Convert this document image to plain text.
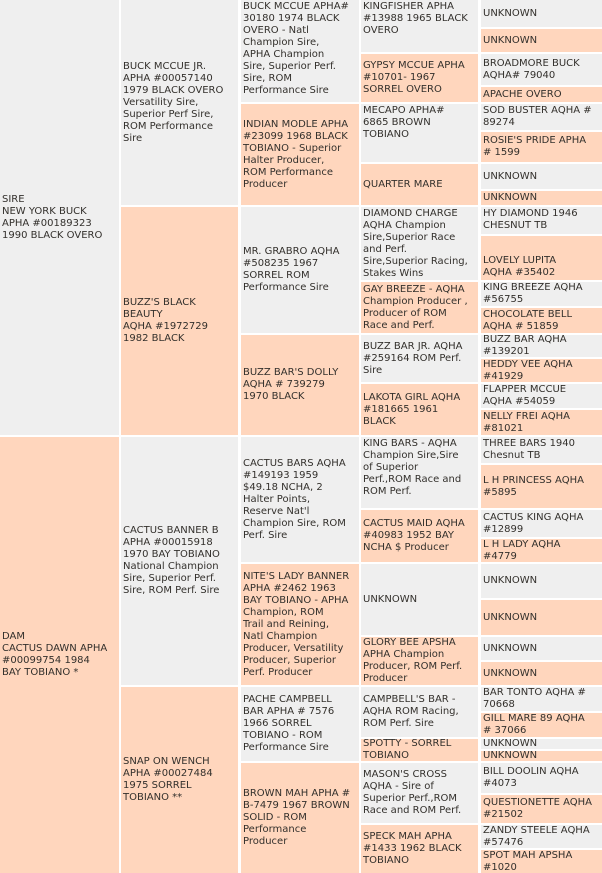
SIRE
NEW YORK BUCK
APHA #00189323
1990 BLACK OVERO
DAM
CACTUS DAWN APHA
#00099754 1984
BAY TOBIANO *
BUCK MCCUE JR.
APHA #00057140
1979 BLACK OVERO
Versatility Sire,
Superior Perf Sire,
ROM Performance
Sire
BUZZ'S BLACK
BEAUTY
AQHA #1972729
1982 BLACK
CACTUS BANNER B
APHA #00015918
1970 BAY TOBIANO
National Champion
Sire, Superior Perf.
Sire, ROM Perf. Sire
SNAP ON WENCH
APHA #00027484
1975 SORREL
TOBIANO **
BUCK MCCUE APHA#
30180 1974 BLACK
OVERO - Natl
Champion Sire,
APHA Champion
Sire, Superior Perf.
Sire, ROM
Performance Sire
INDIAN MODLE APHA
#23099 1968 BLACK
TOBIANO - Superior
Halter Producer,
ROM Performance
Producer
MR. GRABRO AQHA
#508235 1967
SORREL ROM
Performance Sire
BUZZ BAR'S DOLLY
AQHA # 739279
1970 BLACK
CACTUS BARS AQHA
#149193 1959
$49.18 NCHA, 2
Halter Points,
Reserve Nat'l
Champion Sire, ROM
Perf. Sire
NITE'S LADY BANNER
APHA #2462 1963
BAY TOBIANO - APHA
Champion, ROM
Trail and Reining,
Natl Champion
Producer, Versatility
Producer, Superior
Perf. Producer
PACHE CAMPBELL
BAR APHA # 7576
1966 SORREL
TOBIANO - ROM
Performance Sire
BROWN MAH APHA #
B-7479 1967 BROWN
SOLID - ROM
Performance
Producer
KINGFISHER APHA
#13988 1965 BLACK
OVERO
GYPSY MCCUE APHA
#10701- 1967
SORREL OVERO
MECAPO APHA#
6865 BROWN
TOBIANO
QUARTER MARE
DIAMOND CHARGE
AQHA Champion
Sire,Superior Race
and Perf.
Sire,Superior Racing,
Stakes Wins
GAY BREEZE - AQHA
Champion Producer ,
Producer of ROM
Race and Perf.
BUZZ BAR JR. AQHA
#259164 ROM Perf.
Sire
LAKOTA GIRL AQHA
#181665 1961
BLACK
KING BARS - AQHA
Champion Sire,Sire
of Superior
Perf.,ROM Race and
ROM Perf.
CACTUS MAID AQHA
#40983 1952 BAY
NCHA $ Producer
UNKNOWN
GLORY BEE APSHA
APHA Champion
Producer, ROM Perf.
Producer
CAMPBELL'S BAR -
AQHA ROM Racing,
ROM Perf. Sire
SPOTTY - SORREL
TOBIANO
MASON'S CROSS
AQHA - Sire of
Superior Perf.,ROM
Race and ROM Perf.
SPECK MAH APHA
#1433 1962 BLACK
TOBIANO
UNKNOWN
UNKNOWN
BROADMORE BUCK
AQHA# 79040
APACHE OVERO
SOD BUSTER AQHA #
89274
ROSIE'S PRIDE APHA
# 1599
UNKNOWN
UNKNOWN
HY DIAMOND 1946
CHESNUT TB
LOVELY LUPITA
AQHA #35402
KING BREEZE AQHA
#56755
CHOCOLATE BELL
AQHA # 51859
BUZZ BAR AQHA
#139201
HEDDY VEE AQHA
#41929
FLAPPER MCCUE
AQHA #54059
NELLY FREI AQHA
#81021
THREE BARS 1940
Chesnut TB
L H PRINCESS AQHA
#5895
CACTUS KING AQHA
#12899
L H LADY AQHA
#4779
UNKNOWN
UNKNOWN
UNKNOWN
UNKNOWN
BAR TONTO AQHA #
70668
GILL MARE 89 AQHA
# 37066
UNKNOWN
UNKNOWN
BILL DOOLIN AQHA
#4073
QUESTIONETTE AQHA
#21502
ZANDY STEELE AQHA
#57476
SPOT MAH APSHA
#1020
